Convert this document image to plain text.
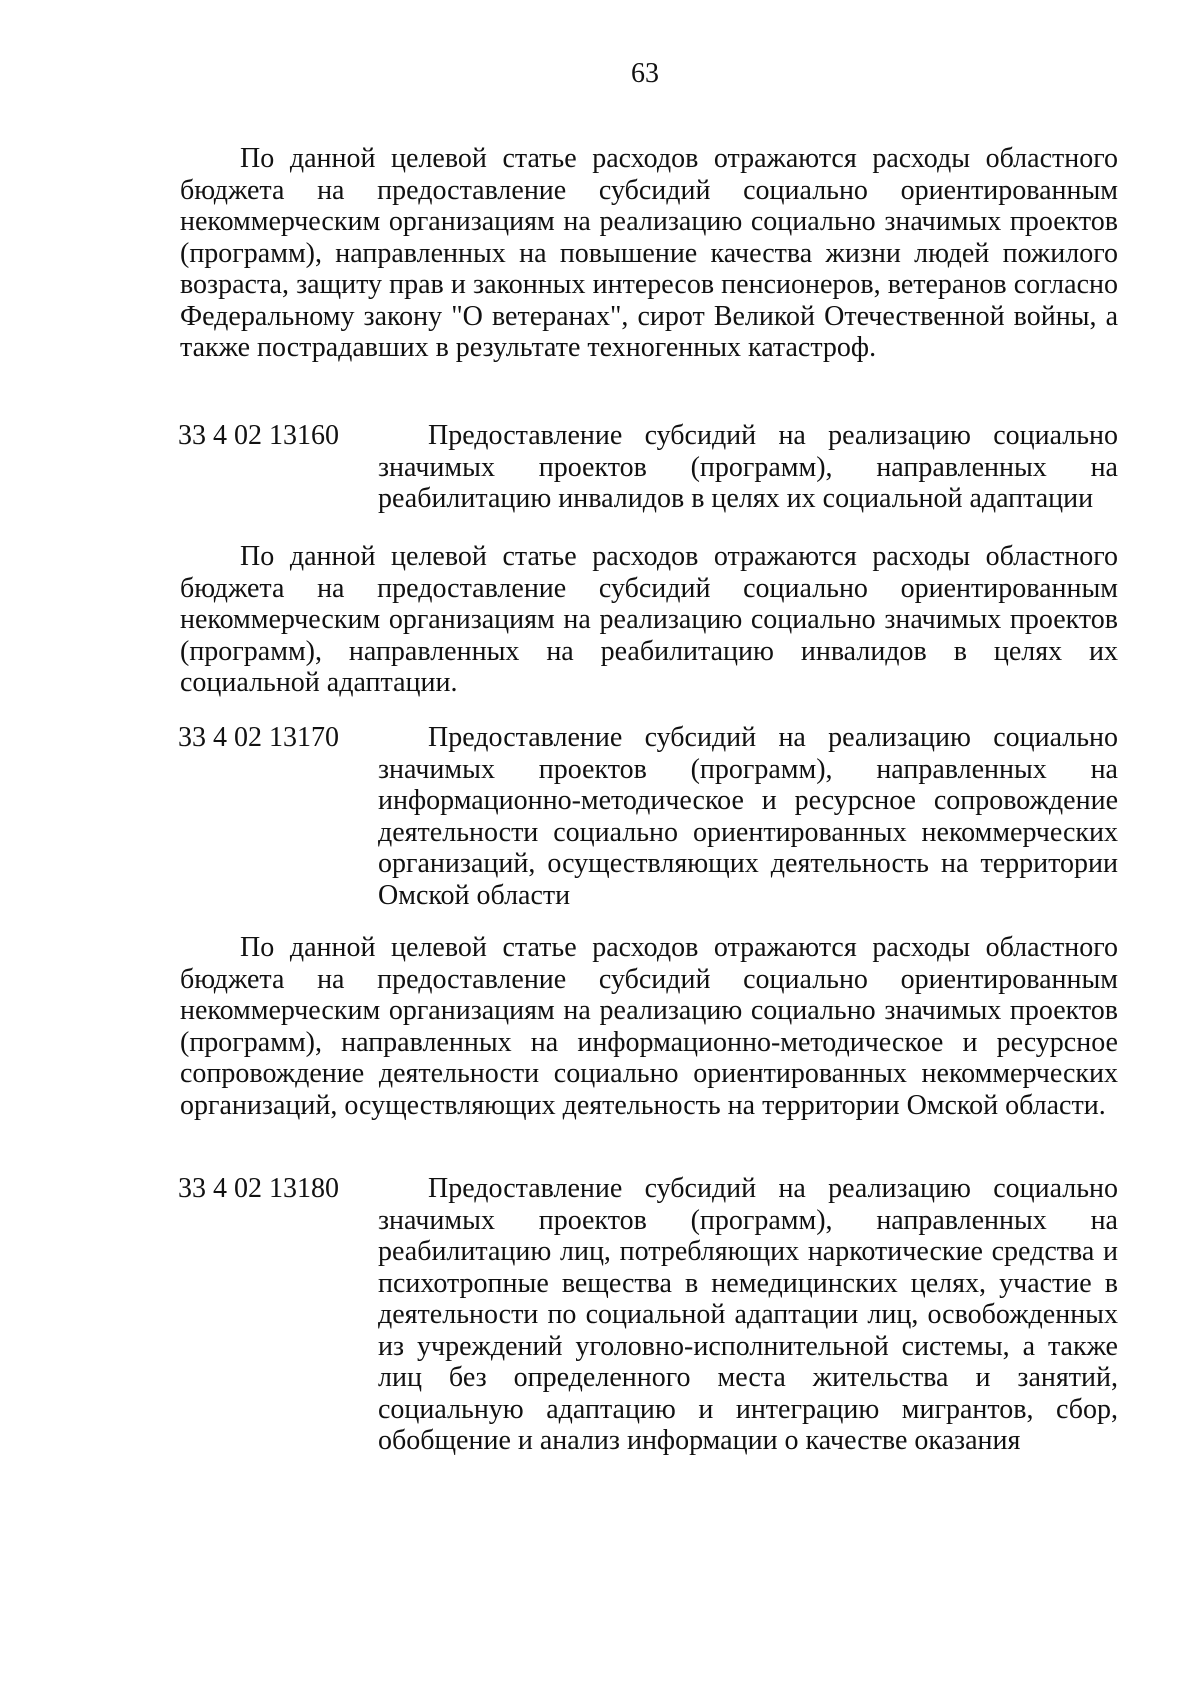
63

По данной целевой статье расходов отражаются расходы областного бюджета на предоставление субсидий социально ориентированным некоммерческим организациям на реализацию социально значимых проектов (программ), направленных на повышение качества жизни людей пожилого возраста, защиту прав и законных интересов пенсионеров, ветеранов согласно Федеральному закону "О ветеранах", сирот Великой Отечественной войны, а также пострадавших в результате техногенных катастроф.

33 4 02 13160	Предоставление субсидий на реализацию социально значимых проектов (программ), направленных на реабилитацию инвалидов в целях их социальной адаптации

По данной целевой статье расходов отражаются расходы областного бюджета на предоставление субсидий социально ориентированным некоммерческим организациям на реализацию социально значимых проектов (программ), направленных на реабилитацию инвалидов в целях их социальной адаптации.

33 4 02 13170	Предоставление субсидий на реализацию социально значимых проектов (программ), направленных на информационно-методическое и ресурсное сопровождение деятельности социально ориентированных некоммерческих организаций, осуществляющих деятельность на территории Омской области

По данной целевой статье расходов отражаются расходы областного бюджета на предоставление субсидий социально ориентированным некоммерческим организациям на реализацию социально значимых проектов (программ), направленных на информационно-методическое и ресурсное сопровождение деятельности социально ориентированных некоммерческих организаций, осуществляющих деятельность на территории Омской области.

33 4 02 13180	Предоставление субсидий на реализацию социально значимых проектов (программ), направленных на реабилитацию лиц, потребляющих наркотические средства и психотропные вещества в немедицинских целях, участие в деятельности по социальной адаптации лиц, освобожденных из учреждений уголовно-исполнительной системы, а также лиц без определенного места жительства и занятий, социальную адаптацию и интеграцию мигрантов, сбор, обобщение и анализ информации о качестве оказания
